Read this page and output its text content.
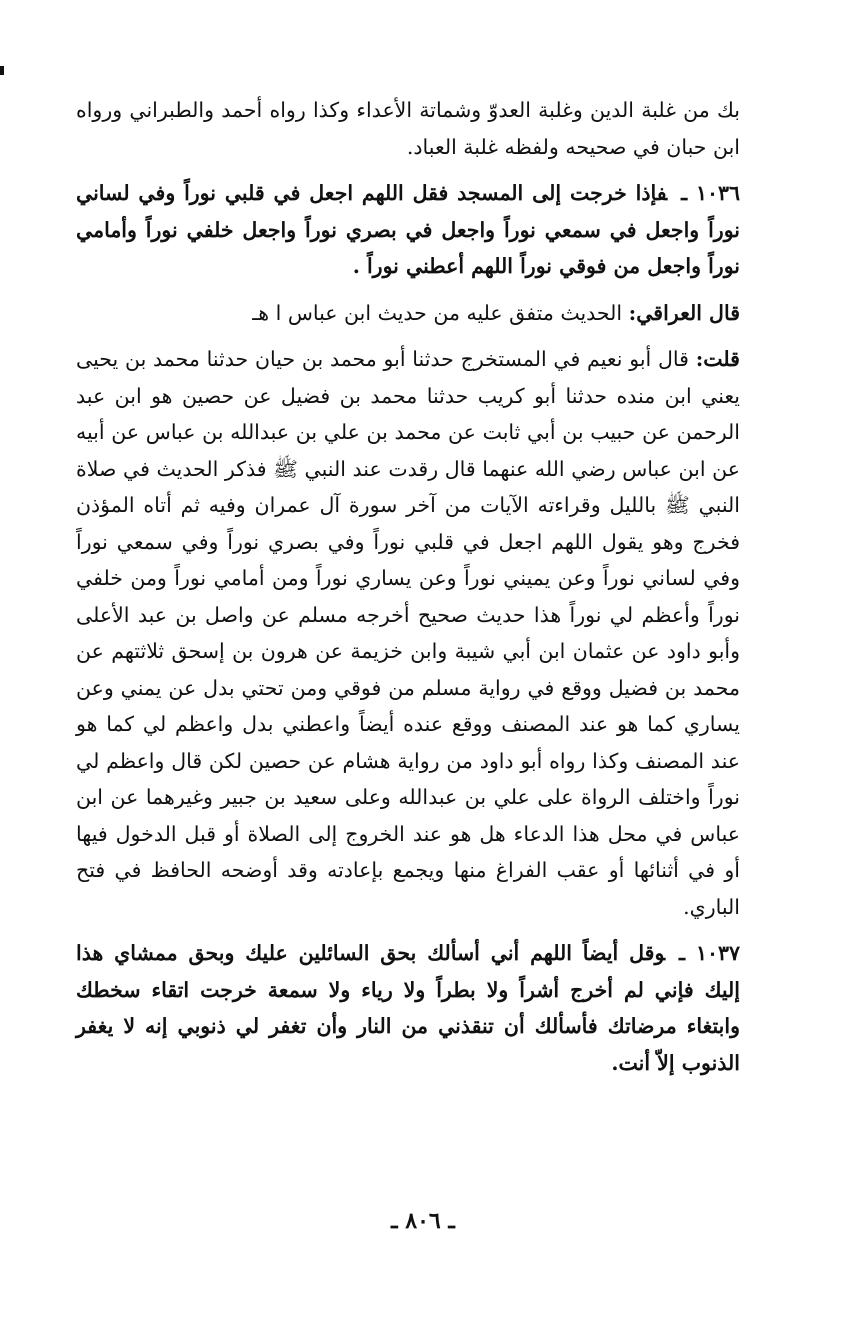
بك من غلبة الدين وغلبة العدوّ وشماتة الأعداء وكذا رواه أحمد والطبراني ورواه ابن حبان في صحيحه ولفظه غلبة العباد.

١٠٣٦ ـفإذا خرجت إلى المسجد فقل اللهم اجعل في قلبي نوراً وفي لساني نوراً واجعل في سمعي نوراً واجعل في بصري نوراً واجعل خلفي نوراً وأمامي نوراً واجعل من فوقي نوراً اللهم أعطني نوراً .

قال العراقي: الحديث متفق عليه من حديث ابن عباس ا هـ

قلت: قال أبو نعيم في المستخرج حدثنا أبو محمد بن حيان حدثنا محمد بن يحيى يعني ابن منده حدثنا أبو كريب حدثنا محمد بن فضيل عن حصين هو ابن عبد الرحمن عن حبيب بن أبي ثابت عن محمد بن علي بن عبدالله بن عباس عن أبيه عن ابن عباس رضي الله عنهما قال رقدت عند النبي ﷺ فذكر الحديث في صلاة النبي ﷺ بالليل وقراءته الآيات من آخر سورة آل عمران وفيه ثم أتاه المؤذن فخرج وهو يقول اللهم اجعل في قلبي نوراً وفي بصري نوراً وفي سمعي نوراً وفي لساني نوراً وعن يميني نوراً وعن يساري نوراً ومن أمامي نوراً ومن خلفي نوراً وأعظم لي نوراً هذا حديث صحيح أخرجه مسلم عن واصل بن عبد الأعلى وأبو داود عن عثمان ابن أبي شيبة وابن خزيمة عن هرون بن إسحق ثلاثتهم عن محمد بن فضيل ووقع في رواية مسلم من فوقي ومن تحتي بدل عن يمني وعن يساري كما هو عند المصنف ووقع عنده أيضاً واعطني بدل واعظم لي كما هو عند المصنف وكذا رواه أبو داود من رواية هشام عن حصين لكن قال واعظم لي نوراً واختلف الرواة على علي بن عبدالله وعلى سعيد بن جبير وغيرهما عن ابن عباس في محل هذا الدعاء هل هو عند الخروج إلى الصلاة أو قبل الدخول فيها أو في أثنائها أو عقب الفراغ منها ويجمع بإعادته وقد أوضحه الحافظ في فتح الباري.

١٠٣٧ ـوقل أيضاً اللهم أني أسألك بحق السائلين عليك وبحق ممشاي هذا إليك فإني لم أخرج أشراً ولا بطراً ولا رياء ولا سمعة خرجت اتقاء سخطك وابتغاء مرضاتك فأسألك أن تنقذني من النار وأن تغفر لي ذنوبي إنه لا يغفر الذنوب إلاّ أنت.

ـ ٨٠٦ ـ
